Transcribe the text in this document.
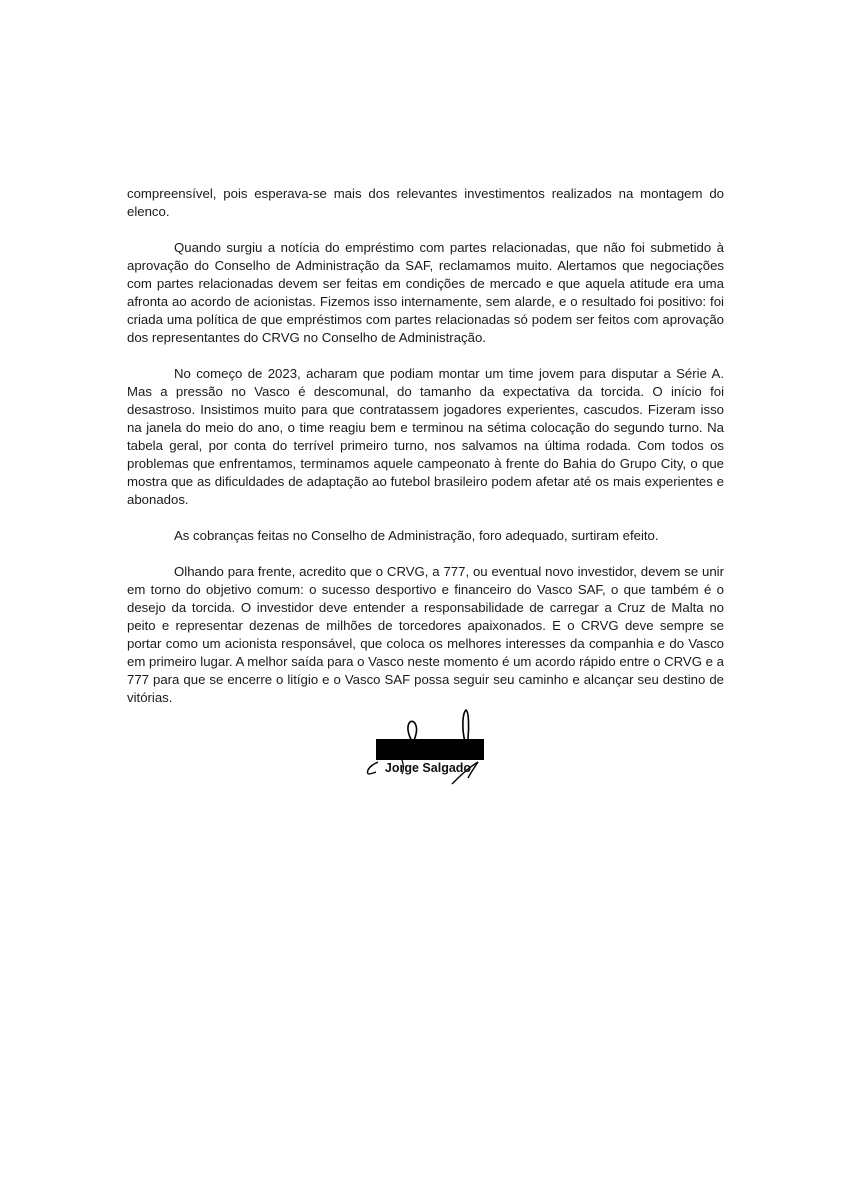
compreensível, pois esperava-se mais dos relevantes investimentos realizados na montagem do elenco.

Quando surgiu a notícia do empréstimo com partes relacionadas, que não foi submetido à aprovação do Conselho de Administração da SAF, reclamamos muito. Alertamos que negociações com partes relacionadas devem ser feitas em condições de mercado e que aquela atitude era uma afronta ao acordo de acionistas. Fizemos isso internamente, sem alarde, e o resultado foi positivo: foi criada uma política de que empréstimos com partes relacionadas só podem ser feitos com aprovação dos representantes do CRVG no Conselho de Administração.

No começo de 2023, acharam que podiam montar um time jovem para disputar a Série A. Mas a pressão no Vasco é descomunal, do tamanho da expectativa da torcida. O início foi desastroso. Insistimos muito para que contratassem jogadores experientes, cascudos. Fizeram isso na janela do meio do ano, o time reagiu bem e terminou na sétima colocação do segundo turno. Na tabela geral, por conta do terrível primeiro turno, nos salvamos na última rodada. Com todos os problemas que enfrentamos, terminamos aquele campeonato à frente do Bahia do Grupo City, o que mostra que as dificuldades de adaptação ao futebol brasileiro podem afetar até os mais experientes e abonados.

As cobranças feitas no Conselho de Administração, foro adequado, surtiram efeito.

Olhando para frente, acredito que o CRVG, a 777, ou eventual novo investidor, devem se unir em torno do objetivo comum: o sucesso desportivo e financeiro do Vasco SAF, o que também é o desejo da torcida. O investidor deve entender a responsabilidade de carregar a Cruz de Malta no peito e representar dezenas de milhões de torcedores apaixonados. E o CRVG deve sempre se portar como um acionista responsável, que coloca os melhores interesses da companhia e do Vasco em primeiro lugar. A melhor saída para o Vasco neste momento é um acordo rápido entre o CRVG e a 777 para que se encerre o litígio e o Vasco SAF possa seguir seu caminho e alcançar seu destino de vitórias.

Jorge Salgado
